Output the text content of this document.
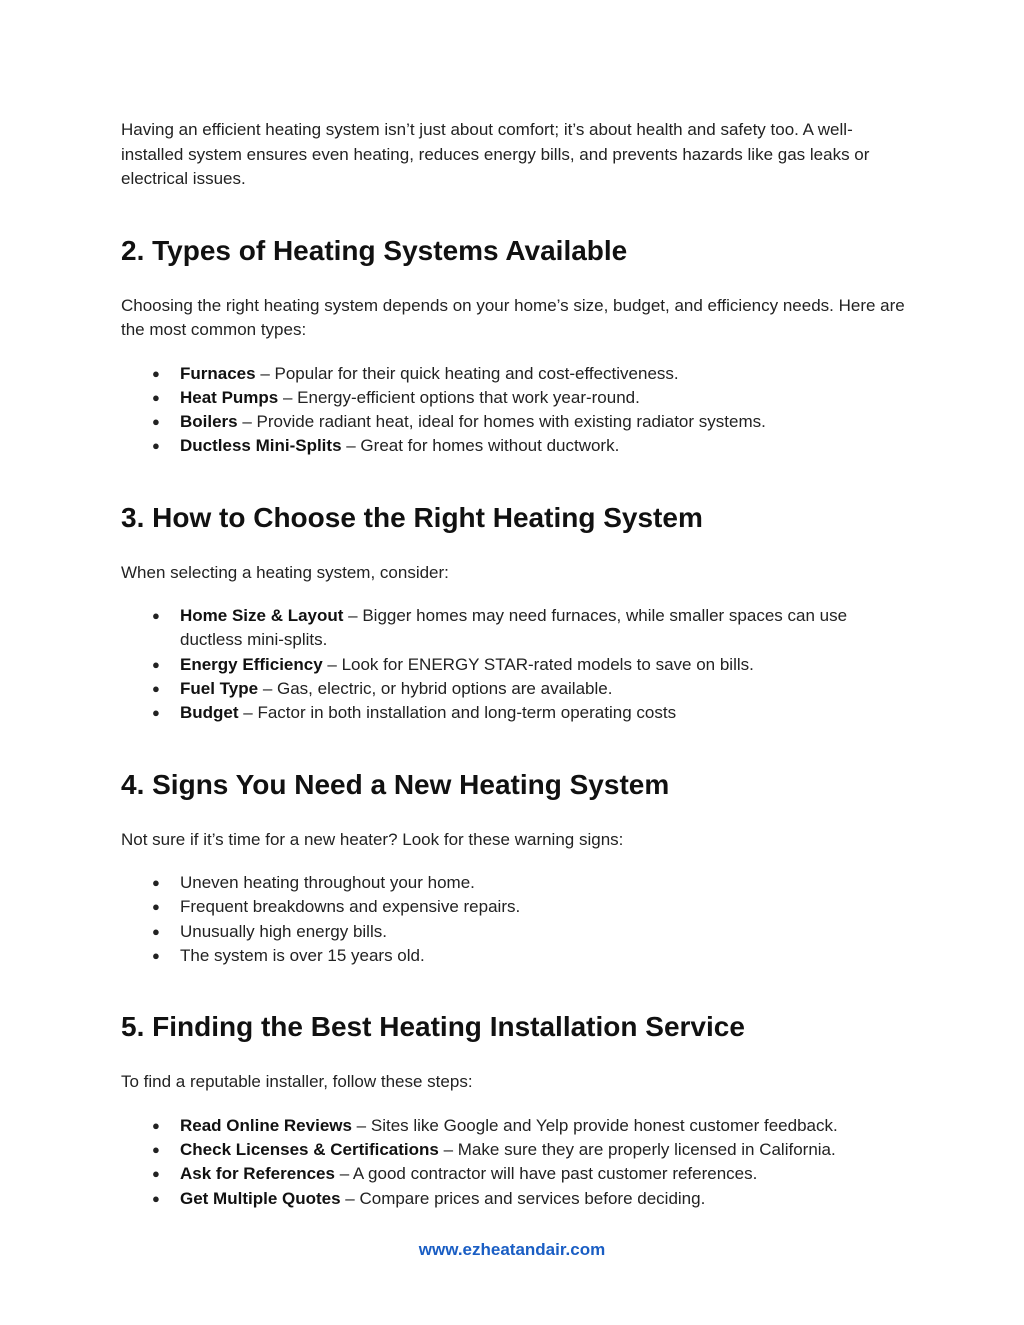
Having an efficient heating system isn’t just about comfort; it’s about health and safety too. A well-installed system ensures even heating, reduces energy bills, and prevents hazards like gas leaks or electrical issues.

2. Types of Heating Systems Available

Choosing the right heating system depends on your home’s size, budget, and efficiency needs. Here are the most common types:

● Furnaces – Popular for their quick heating and cost-effectiveness.
● Heat Pumps – Energy-efficient options that work year-round.
● Boilers – Provide radiant heat, ideal for homes with existing radiator systems.
● Ductless Mini-Splits – Great for homes without ductwork.
3. How to Choose the Right Heating System

When selecting a heating system, consider:

● Home Size & Layout – Bigger homes may need furnaces, while smaller spaces can use ductless mini-splits.
● Energy Efficiency – Look for ENERGY STAR-rated models to save on bills.
● Fuel Type – Gas, electric, or hybrid options are available.
● Budget – Factor in both installation and long-term operating costs
4. Signs You Need a New Heating System

Not sure if it’s time for a new heater? Look for these warning signs:

● Uneven heating throughout your home.
● Frequent breakdowns and expensive repairs.
● Unusually high energy bills.
● The system is over 15 years old.
5. Finding the Best Heating Installation Service

To find a reputable installer, follow these steps:

● Read Online Reviews – Sites like Google and Yelp provide honest customer feedback.
● Check Licenses & Certifications – Make sure they are properly licensed in California.
● Ask for References – A good contractor will have past customer references.
● Get Multiple Quotes – Compare prices and services before deciding.
www.ezheatandair.com
